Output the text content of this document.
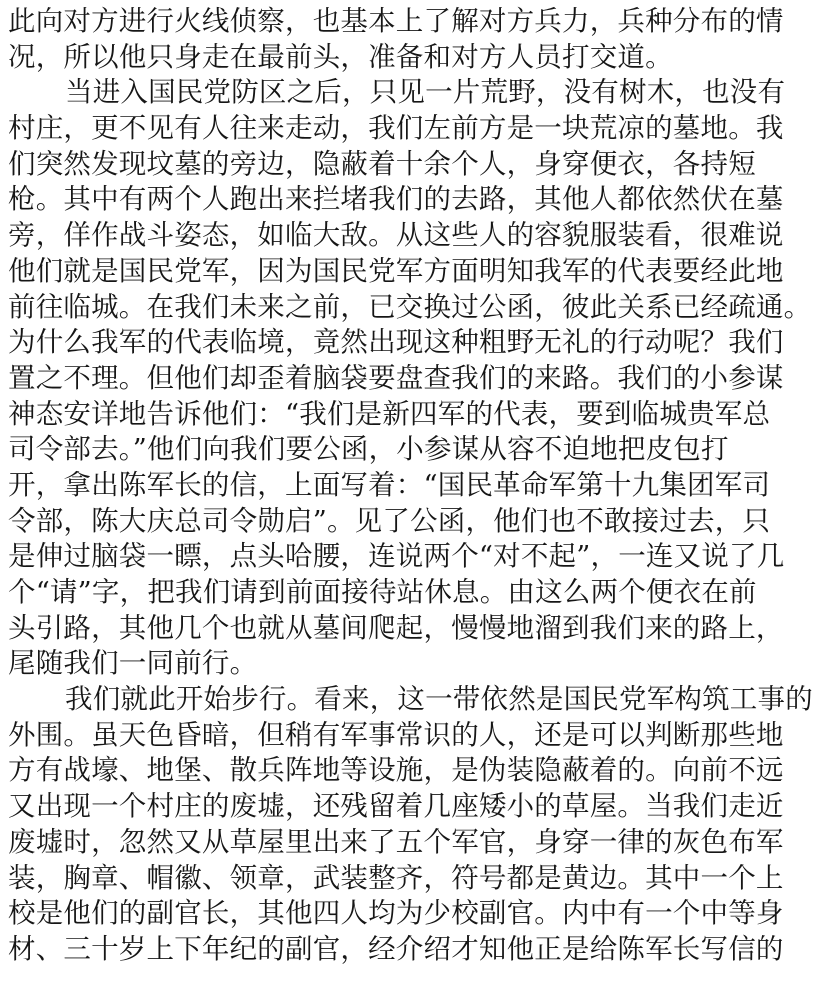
此向对方进行火线侦察，也基本上了解对方兵力，兵种分布的情
况，所以他只身走在最前头，准备和对方人员打交道。
当进入国民党防区之后，只见一片荒野，没有树木，也没有
村庄，更不见有人往来走动，我们左前方是一块荒凉的墓地。我
们突然发现坟墓的旁边，隐蔽着十余个人，身穿便衣，各持短
枪。其中有两个人跑出来拦堵我们的去路，其他人都依然伏在墓
旁，佯作战斗姿态，如临大敌。从这些人的容貌服装看，很难说
他们就是国民党军，因为国民党军方面明知我军的代表要经此地
前往临城。在我们未来之前，已交换过公函，彼此关系已经疏通。
为什么我军的代表临境，竟然出现这种粗野无礼的行动呢？我们
置之不理。但他们却歪着脑袋要盘查我们的来路。我们的小参谋
神态安详地告诉他们：“我们是新四军的代表，要到临城贵军总
司令部去。”他们向我们要公函，小参谋从容不迫地把皮包打
开，拿出陈军长的信，上面写着：“国民革命军第十九集团军司
令部，陈大庆总司令勋启”。见了公函，他们也不敢接过去，只
是伸过脑袋一瞟，点头哈腰，连说两个“对不起”，一连又说了几
个“请”字，把我们请到前面接待站休息。由这么两个便衣在前
头引路，其他几个也就从墓间爬起，慢慢地溜到我们来的路上，
尾随我们一同前行。
我们就此开始步行。看来，这一带依然是国民党军构筑工事的
外围。虽天色昏暗，但稍有军事常识的人，还是可以判断那些地
方有战壕、地堡、散兵阵地等设施，是伪装隐蔽着的。向前不远
又出现一个村庄的废墟，还残留着几座矮小的草屋。当我们走近
废墟时，忽然又从草屋里出来了五个军官，身穿一律的灰色布军
装，胸章、帽徽、领章，武装整齐，符号都是黄边。其中一个上
校是他们的副官长，其他四人均为少校副官。内中有一个中等身
材、三十岁上下年纪的副官，经介绍才知他正是给陈军长写信的
